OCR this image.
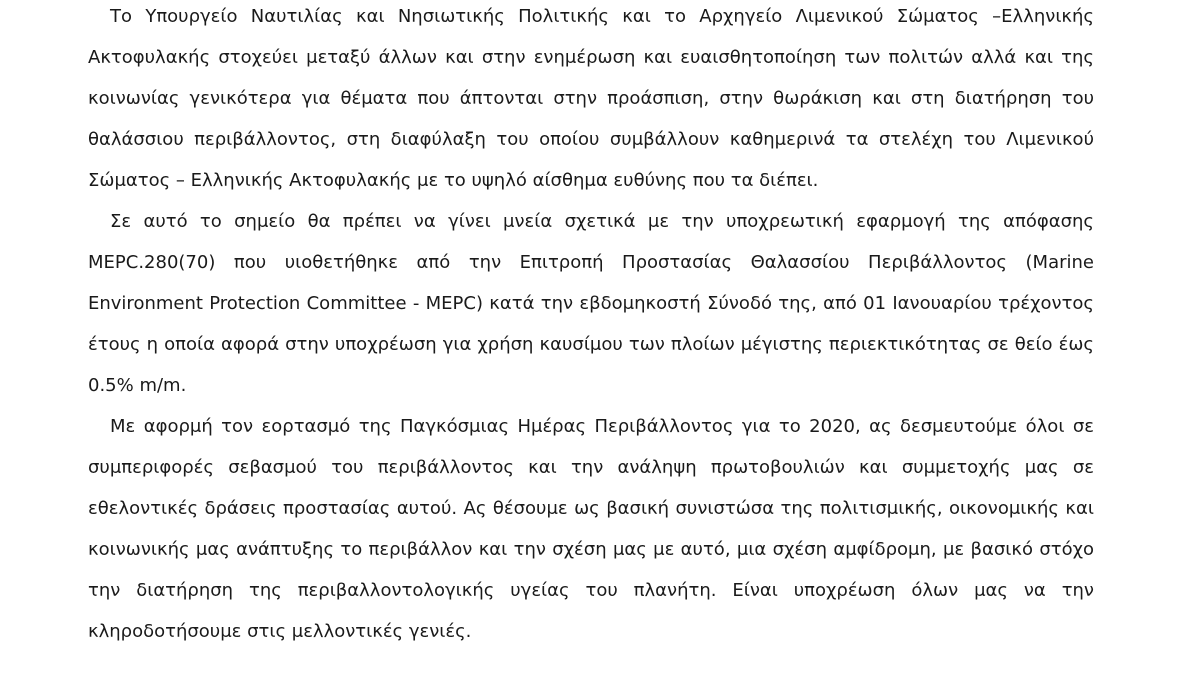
Το Υπουργείο Ναυτιλίας και Νησιωτικής Πολιτικής και το Αρχηγείο Λιμενικού Σώματος –Ελληνικής Ακτοφυλακής στοχεύει μεταξύ άλλων και στην ενημέρωση και ευαισθητοποίηση των πολιτών αλλά και της κοινωνίας γενικότερα για θέματα που άπτονται στην προάσπιση, στην θωράκιση και στη διατήρηση του θαλάσσιου περιβάλλοντος, στη διαφύλαξη του οποίου συμβάλλουν καθημερινά τα στελέχη του Λιμενικού Σώματος – Ελληνικής Ακτοφυλακής με το υψηλό αίσθημα ευθύνης που τα διέπει.

Σε αυτό το σημείο θα πρέπει να γίνει μνεία σχετικά με την υποχρεωτική εφαρμογή της απόφασης MEPC.280(70) που υιοθετήθηκε από την Επιτροπή Προστασίας Θαλασσίου Περιβάλλοντος (Marine Environment Protection Committee - MEPC) κατά την εβδομηκοστή Σύνοδό της, από 01 Ιανουαρίου τρέχοντος έτους η οποία αφορά στην υποχρέωση για χρήση καυσίμου των πλοίων μέγιστης περιεκτικότητας σε θείο έως 0.5% m/m.

Με αφορμή τον εορτασμό της Παγκόσμιας Ημέρας Περιβάλλοντος για το 2020, ας δεσμευτούμε όλοι σε συμπεριφορές σεβασμού του περιβάλλοντος και την ανάληψη πρωτοβουλιών και συμμετοχής μας σε εθελοντικές δράσεις προστασίας αυτού. Ας θέσουμε ως βασική συνιστώσα της πολιτισμικής, οικονομικής και κοινωνικής μας ανάπτυξης το περιβάλλον και την σχέση μας με αυτό, μια σχέση αμφίδρομη, με βασικό στόχο την διατήρηση της περιβαλλοντολογικής υγείας του πλανήτη. Είναι υποχρέωση όλων μας να την κληροδοτήσουμε στις μελλοντικές γενιές.
